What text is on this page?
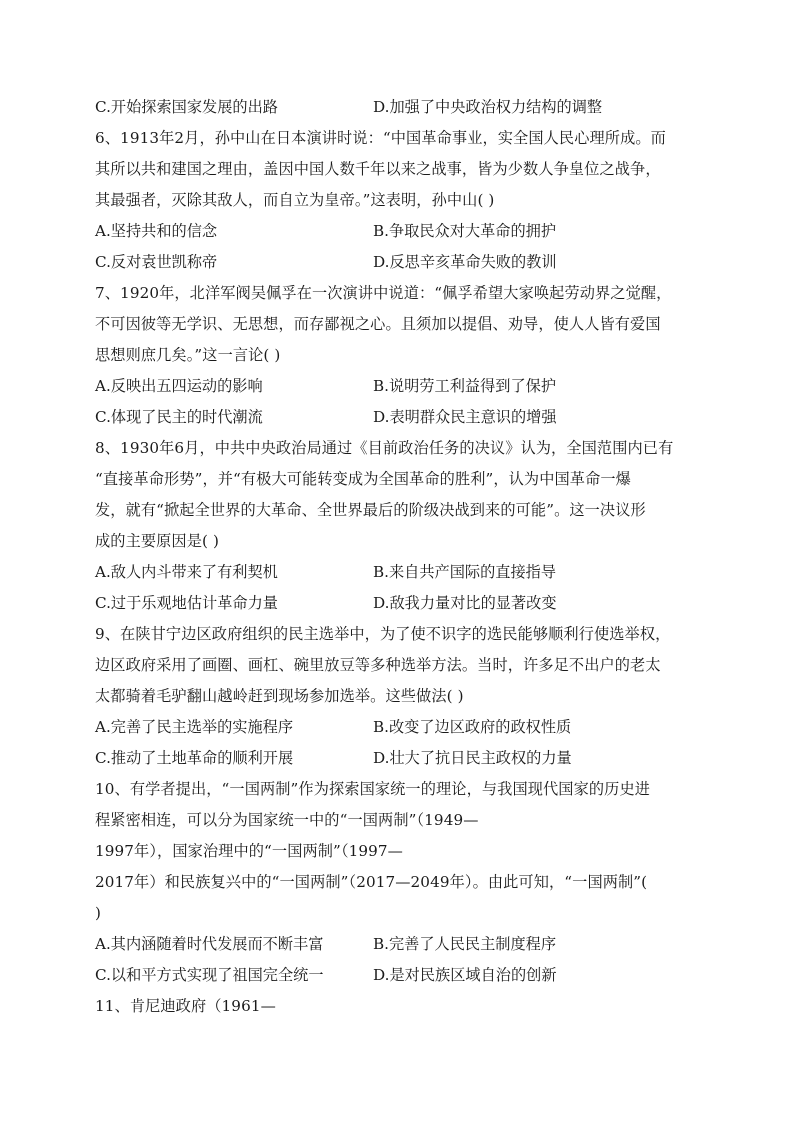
C.开始探索国家发展的出路	D.加强了中央政治权力结构的调整
6、1913年2月，孙中山在日本演讲时说：“中国革命事业，实全国人民心理所成。而
其所以共和建国之理由，盖因中国人数千年以来之战事，皆为少数人争皇位之战争，
其最强者，灭除其敌人，而自立为皇帝。”这表明，孙中山( )
A.坚持共和的信念	B.争取民众对大革命的拥护
C.反对袁世凯称帝	D.反思辛亥革命失败的教训
7、1920年，北洋军阀吴佩孚在一次演讲中说道：“佩孚希望大家唤起劳动界之觉醒，
不可因彼等无学识、无思想，而存鄙视之心。且须加以提倡、劝导，使人人皆有爱国
思想则庶几矣。”这一言论( )
A.反映出五四运动的影响	B.说明劳工利益得到了保护
C.体现了民主的时代潮流	D.表明群众民主意识的增强
8、1930年6月，中共中央政治局通过《目前政治任务的决议》认为，全国范围内已有
“直接革命形势”，并“有极大可能转变成为全国革命的胜利”，认为中国革命一爆
发，就有“掀起全世界的大革命、全世界最后的阶级决战到来的可能”。这一决议形
成的主要原因是( )
A.敌人内斗带来了有利契机	B.来自共产国际的直接指导
C.过于乐观地估计革命力量	D.敌我力量对比的显著改变
9、在陕甘宁边区政府组织的民主选举中，为了使不识字的选民能够顺利行使选举权，
边区政府采用了画圈、画杠、碗里放豆等多种选举方法。当时，许多足不出户的老太
太都骑着毛驴翻山越岭赶到现场参加选举。这些做法( )
A.完善了民主选举的实施程序	B.改变了边区政府的政权性质
C.推动了土地革命的顺利开展	D.壮大了抗日民主政权的力量
10、有学者提出，“一国两制”作为探索国家统一的理论，与我国现代国家的历史进
程紧密相连，可以分为国家统一中的“一国两制”（1949—
1997年），国家治理中的“一国两制”（1997—
2017年）和民族复兴中的“一国两制”（2017—2049年）。由此可知，“一国两制”(
)
A.其内涵随着时代发展而不断丰富	B.完善了人民民主制度程序
C.以和平方式实现了祖国完全统一	D.是对民族区域自治的创新
11、肯尼迪政府（1961—
